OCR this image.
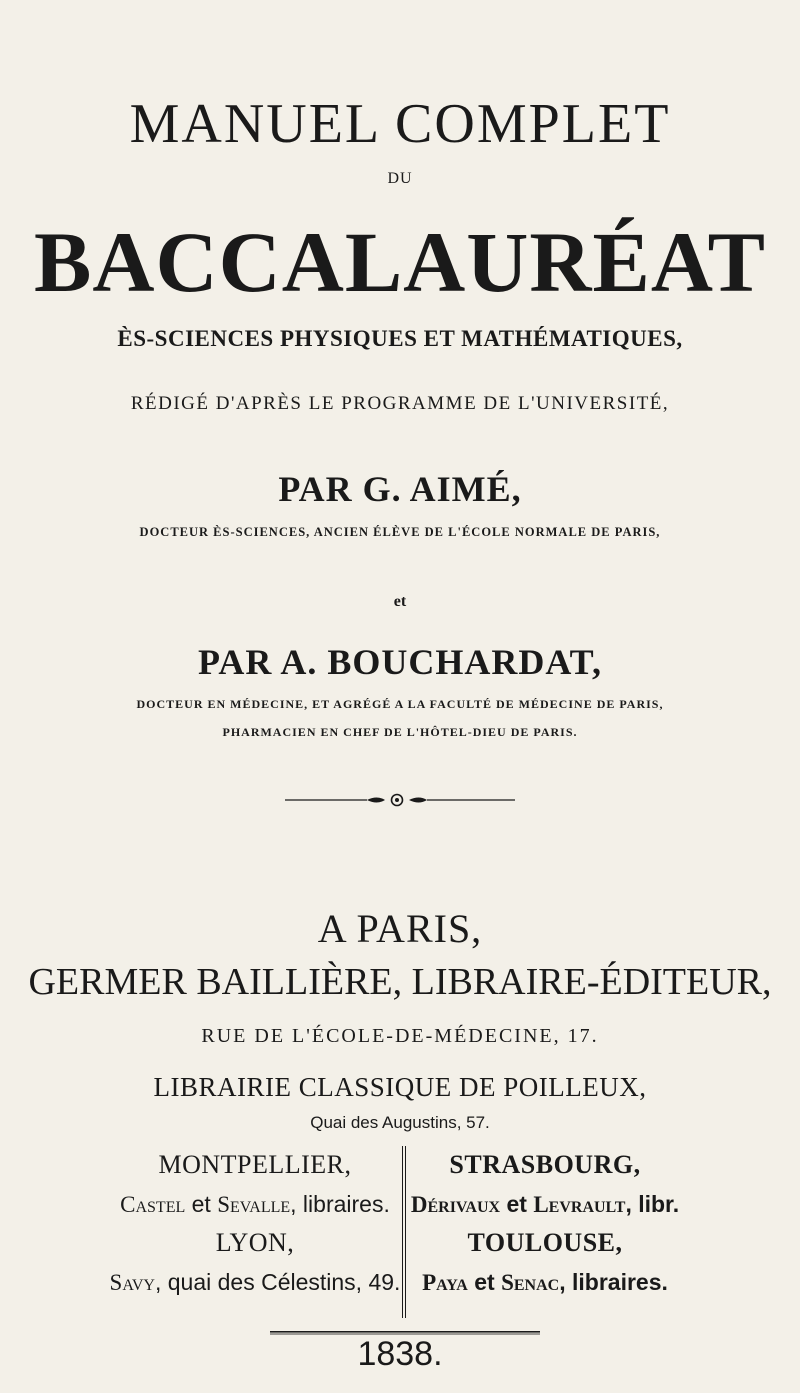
MANUEL COMPLET
DU
BACCALAURÉAT
ÈS-SCIENCES PHYSIQUES ET MATHÉMATIQUES,
RÉDIGÉ D'APRÈS LE PROGRAMME DE L'UNIVERSITÉ,
PAR G. AIMÉ,
DOCTEUR ÈS-SCIENCES, ANCIEN ÉLÈVE DE L'ÉCOLE NORMALE DE PARIS,
et
PAR A. BOUCHARDAT,
DOCTEUR EN MÉDECINE, ET AGRÉGÉ A LA FACULTÉ DE MÉDECINE DE PARIS,
PHARMACIEN EN CHEF DE L'HÔTEL-DIEU DE PARIS.
A PARIS,
GERMER BAILLIÈRE, LIBRAIRE-ÉDITEUR,
RUE DE L'ÉCOLE-DE-MÉDECINE, 17.
LIBRAIRIE CLASSIQUE DE POILLEUX,
Quai des Augustins, 57.
MONTPELLIER,
Castel et Sevalle, libraires.
LYON,
Savy, quai des Célestins, 49.
STRASBOURG,
Dérivaux et Levrault, libr.
TOULOUSE,
Paya et Senac, libraires.
1838.
